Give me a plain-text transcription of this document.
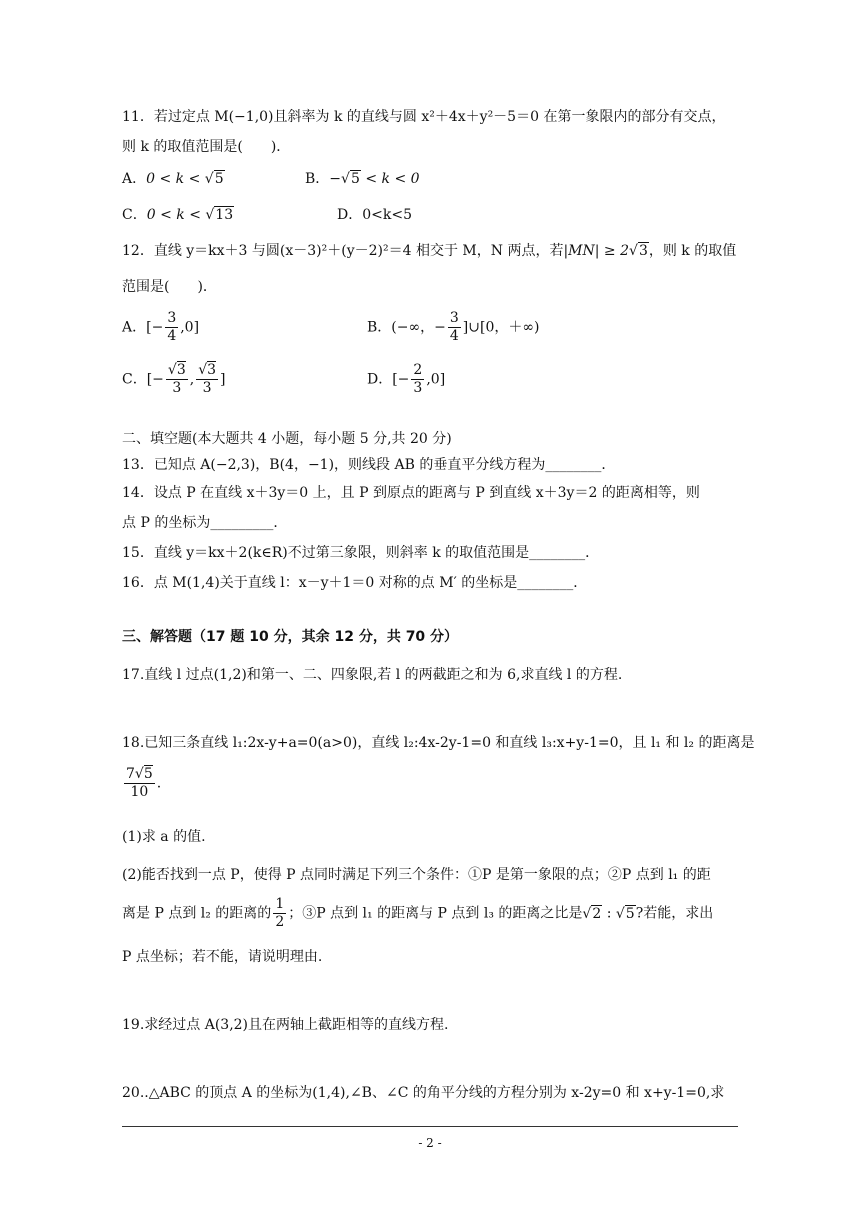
11．若过定点 M(−1,0)且斜率为 k 的直线与圆 x²＋4x＋y²－5＝0 在第一象限内的部分有交点，
则 k 的取值范围是(　　)．
A．0 < k < √5	B．−√5 < k < 0
C．0 < k < √13	D．0<k<5
12．直线 y＝kx＋3 与圆(x－3)²＋(y－2)²＝4 相交于 M，N 两点，若|MN| ≥ 2√3，则 k 的取值
范围是(　　)．
A．[− $\frac{3}{4} ,0$]	B．(−∞，− $\frac{3}{4}$ ]∪[0，＋∞)
C．[− $\frac{√3}{3}$ , $\frac{√3}{3}$ ]	D．[− $\frac{2}{3} ,0$]
二、填空题(本大题共 4 小题，每小题 5 分,共 20 分)
13．已知点 A(−2,3)，B(4，−1)，则线段 AB 的垂直平分线方程为________．
14．设点 P 在直线 x＋3y＝0 上，且 P 到原点的距离与 P 到直线 x＋3y＝2 的距离相等，则
点 P 的坐标为_________．
15．直线 y＝kx＋2(k∈R)不过第三象限，则斜率 k 的取值范围是________．
16．点 M(1,4)关于直线 l：x－y＋1＝0 对称的点 M′ 的坐标是________．
三、解答题（17 题 10 分，其余 12 分，共 70 分）
17.直线 l 过点(1,2)和第一、二、四象限,若 l 的两截距之和为 6,求直线 l 的方程.
18.已知三条直线 l₁:2x-y+a=0(a>0)，直线 l₂:4x-2y-1=0 和直线 l₃:x+y-1=0，且 l₁ 和 l₂ 的距离是
$\frac{7√5}{10}$ .
(1)求 a 的值.
(2)能否找到一点 P，使得 P 点同时满足下列三个条件：①P 是第一象限的点；②P 点到 l₁ 的距
离是 P 点到 l₂ 的距离的 $\frac{1}{2}$ ；③P 点到 l₁ 的距离与 P 点到 l₃ 的距离之比是√2 : √5?若能，求出
P 点坐标；若不能，请说明理由.
19.求经过点 A(3,2)且在两轴上截距相等的直线方程.
20..△ABC 的顶点 A 的坐标为(1,4),∠B、∠C 的角平分线的方程分别为 x-2y=0 和 x+y-1=0,求
- 2 -
